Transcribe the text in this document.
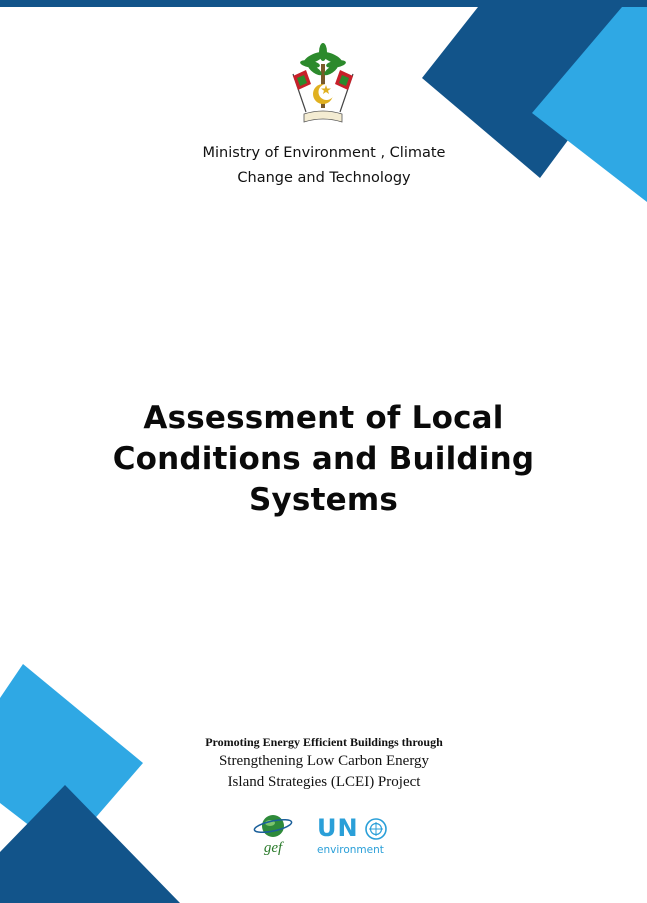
Ministry of Environment , Climate
Change and Technology
Assessment of Local
Conditions and Building
Systems
Promoting Energy Efficient Buildings through
Strengthening Low Carbon Energy
Island Strategies (LCEI) Project
gef
UN
environment
